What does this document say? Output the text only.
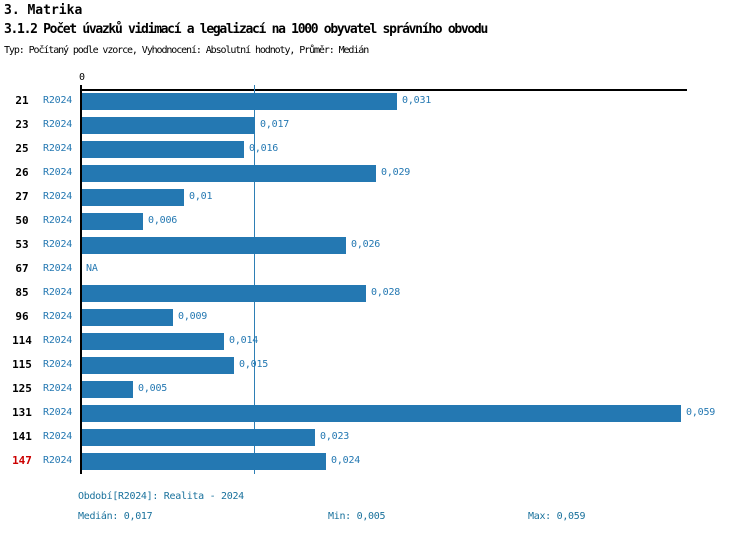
3. Matrika
3.1.2 Počet úvazků vidimací a legalizací na 1000 obyvatel správního obvodu
Typ: Počítaný podle vzorce, Vyhodnocení: Absolutní hodnoty, Průměr: Medián
0
21	R2024	0,031
23	R2024	0,017
25	R2024	0,016
26	R2024	0,029
27	R2024	0,01
50	R2024	0,006
53	R2024	0,026
67	R2024 NA
85	R2024	0,028
96	R2024	0,009
114	R2024	0,014
115	R2024	0,015
125	R2024	0,005
131	R2024	0,059
141	R2024	0,023
147	R2024	0,024
Období[R2024]: Realita - 2024
Medián: 0,017	Min: 0,005	Max: 0,059
